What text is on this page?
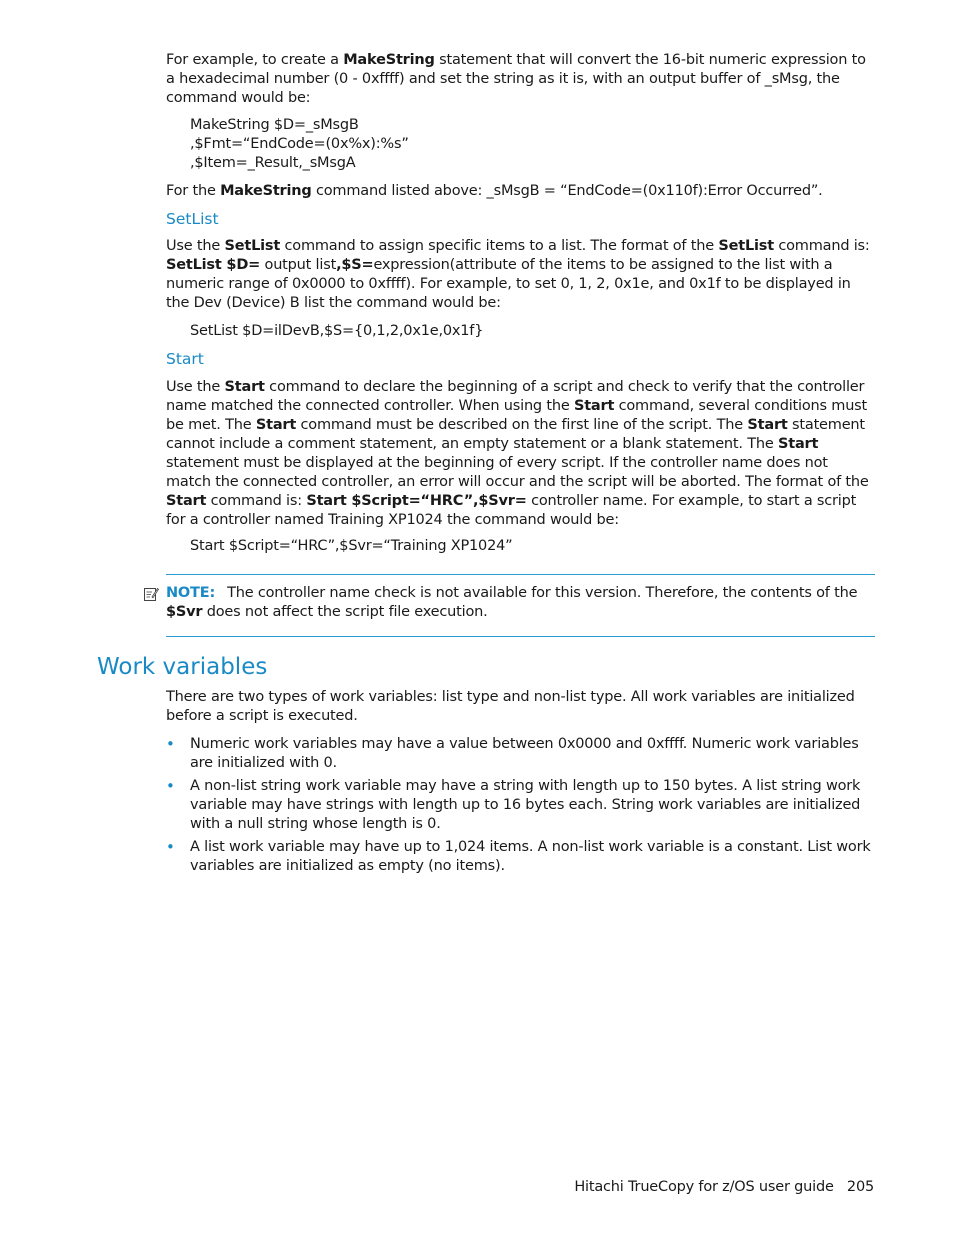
For example, to create a MakeString statement that will convert the 16-bit numeric expression to a hexadecimal number (0 - 0xffff) and set the string as it is, with an output buffer of _sMsg, the command would be:

MakeString $D=_sMsgB
,$Fmt=“EndCode=(0x%x):%s”
,$Item=_Result,_sMsgA

For the MakeString command listed above: _sMsgB = “EndCode=(0x110f):Error Occurred”.

SetList

Use the SetList command to assign specific items to a list. The format of the SetList command is: SetList $D= output list,$S=expression(attribute of the items to be assigned to the list with a numeric range of 0x0000 to 0xffff). For example, to set 0, 1, 2, 0x1e, and 0x1f to be displayed in the Dev (Device) B list the command would be:

SetList $D=ilDevB,$S={0,1,2,0x1e,0x1f}

Start

Use the Start command to declare the beginning of a script and check to verify that the controller name matched the connected controller. When using the Start command, several conditions must be met. The Start command must be described on the first line of the script. The Start statement cannot include a comment statement, an empty statement or a blank statement. The Start statement must be displayed at the beginning of every script. If the controller name does not match the connected controller, an error will occur and the script will be aborted. The format of the Start command is: Start $Script=“HRC”,$Svr= controller name. For example, to start a script for a controller named Training XP1024 the command would be:

Start $Script=“HRC”,$Svr=“Training XP1024”

NOTE: The controller name check is not available for this version. Therefore, the contents of the $Svr does not affect the script file execution.
Work variables

There are two types of work variables: list type and non-list type. All work variables are initialized before a script is executed.

• Numeric work variables may have a value between 0x0000 and 0xffff. Numeric work variables are initialized with 0.

• A non-list string work variable may have a string with length up to 150 bytes. A list string work variable may have strings with length up to 16 bytes each. String work variables are initialized with a null string whose length is 0.

• A list work variable may have up to 1,024 items. A non-list work variable is a constant. List work variables are initialized as empty (no items).

Hitachi TrueCopy for z/OS user guide 205
